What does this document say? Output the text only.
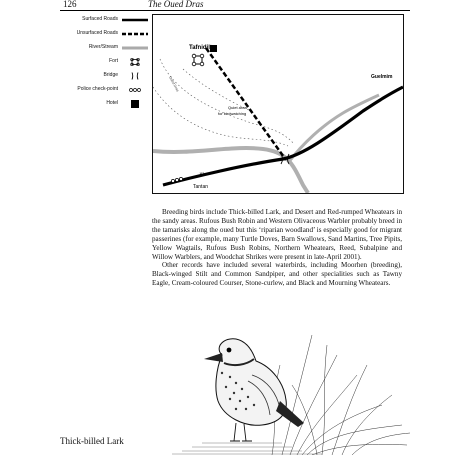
126	The Oued Dras
Surfaced Roads
Unsurfaced Roads
River/Stream
Fort
Bridge
Police check-point
Hotel
Tafnidilt
Guelmim
Tantan
Oued Dras
Quiet area
for birdwatching
N1

Breeding birds include Thick-billed Lark, and Desert and Red-rumped Wheatears in the sandy areas. Rufous Bush Robin and Western Olivaceous Warbler probably breed in the tamarisks along the oued but this ‘riparian woodland’ is especially good for migrant passerines (for example, many Turtle Doves, Barn Swallows, Sand Martins, Tree Pipits, Yellow Wagtails, Rufous Bush Robins, Northern Wheatears, Reed, Subalpine and Willow Warblers, and Woodchat Shrikes were present in late-April 2001).

Other records have included several waterbirds, including Moorhen (breeding), Black-winged Stilt and Common Sandpiper, and other specialities such as Tawny Eagle, Cream-coloured Courser, Stone-curlew, and Black and Mourning Wheatears.

Thick-billed Lark
